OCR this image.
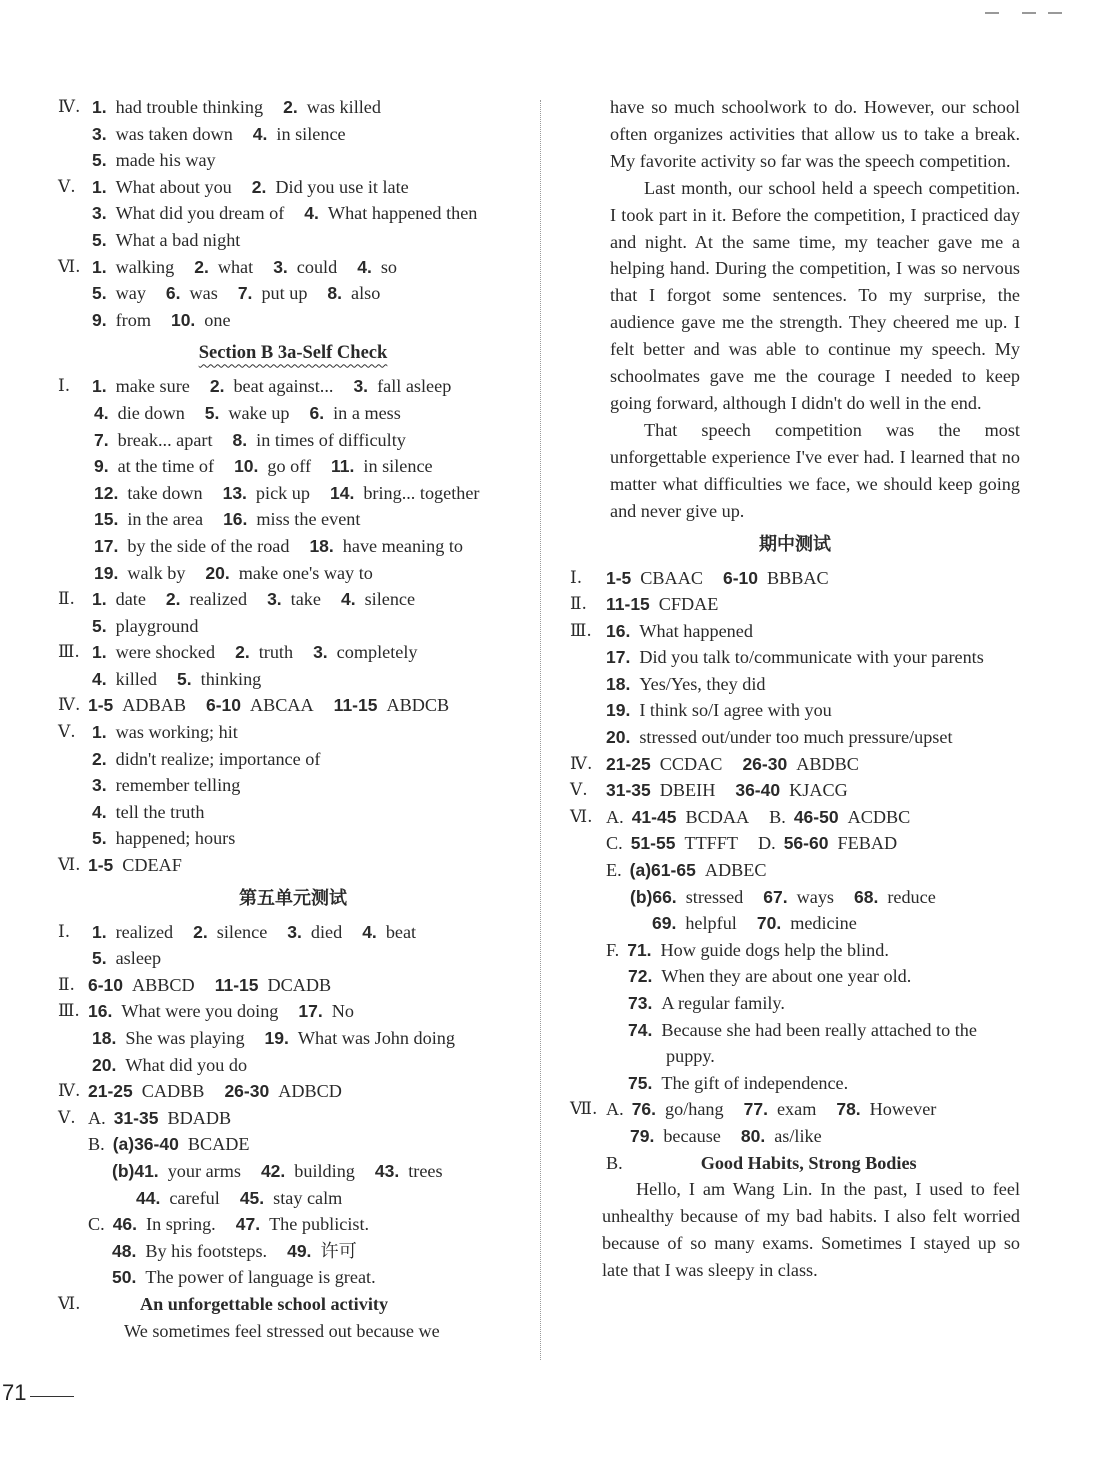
Ⅳ. 1. had trouble thinking 2. was killed
3. was taken down 4. in silence
5. made his way
Ⅴ. 1. What about you 2. Did you use it late
3. What did you dream of 4. What happened then
5. What a bad night
Ⅵ. 1. walking 2. what 3. could 4. so
5. way 6. was 7. put up 8. also
9. from 10. one
Section B 3a-Self Check
Ⅰ. 1. make sure 2. beat against... 3. fall asleep
4. die down 5. wake up 6. in a mess
7. break... apart 8. in times of difficulty
9. at the time of 10. go off 11. in silence
12. take down 13. pick up 14. bring... together
15. in the area 16. miss the event
17. by the side of the road 18. have meaning to
19. walk by 20. make one's way to
Ⅱ. 1. date 2. realized 3. take 4. silence
5. playground
Ⅲ. 1. were shocked 2. truth 3. completely
4. killed 5. thinking
Ⅳ. 1-5 ADBAB 6-10 ABCAA 11-15 ABDCB
Ⅴ. 1. was working; hit
2. didn't realize; importance of
3. remember telling
4. tell the truth
5. happened; hours
Ⅵ. 1-5 CDEAF
第五单元测试
Ⅰ. 1. realized 2. silence 3. died 4. beat
5. asleep
Ⅱ. 6-10 ABBCD 11-15 DCADB
Ⅲ. 16. What were you doing 17. No
18. She was playing 19. What was John doing
20. What did you do
Ⅳ. 21-25 CADBB 26-30 ADBCD
Ⅴ. A. 31-35 BDADB
B. (a)36-40 BCADE
(b)41. your arms 42. building 43. trees
44. careful 45. stay calm
C. 46. In spring. 47. The publicist.
48. By his footsteps. 49. 许可
50. The power of language is great.
Ⅵ.	An unforgettable school activity
We sometimes feel stressed out because we
have so much schoolwork to do. However, our school often organizes activities that allow us to take a break. My favorite activity so far was the speech competition.
Last month, our school held a speech competition. I took part in it. Before the competition, I practiced day and night. At the same time, my teacher gave me a helping hand. During the competition, I was so nervous that I forgot some sentences. To my surprise, the audience gave me the strength. They cheered me up. I felt better and was able to continue my speech. My schoolmates gave me the courage I needed to keep going forward, although I didn't do well in the end.
That speech competition was the most unforgettable experience I've ever had. I learned that no matter what difficulties we face, we should keep going and never give up.
期中测试
Ⅰ. 1-5 CBAAC 6-10 BBBAC
Ⅱ. 11-15 CFDAE
Ⅲ. 16. What happened
17. Did you talk to/communicate with your parents
18. Yes/Yes, they did
19. I think so/I agree with you
20. stressed out/under too much pressure/upset
Ⅳ. 21-25 CCDAC 26-30 ABDBC
Ⅴ. 31-35 DBEIH 36-40 KJACG
Ⅵ. A. 41-45 BCDAA B. 46-50 ACDBC
C. 51-55 TTFFT D. 56-60 FEBAD
E. (a)61-65 ADBEC
(b)66. stressed 67. ways 68. reduce
69. helpful 70. medicine
F. 71. How guide dogs help the blind.
72. When they are about one year old.
73. A regular family.
74. Because she had been really attached to the
puppy.
75. The gift of independence.
Ⅶ. A. 76. go/hang 77. exam 78. However
79. because 80. as/like
B.	Good Habits, Strong Bodies
Hello, I am Wang Lin. In the past, I used to feel unhealthy because of my bad habits. I also felt worried because of so many exams. Sometimes I stayed up so late that I was sleepy in class.
71
